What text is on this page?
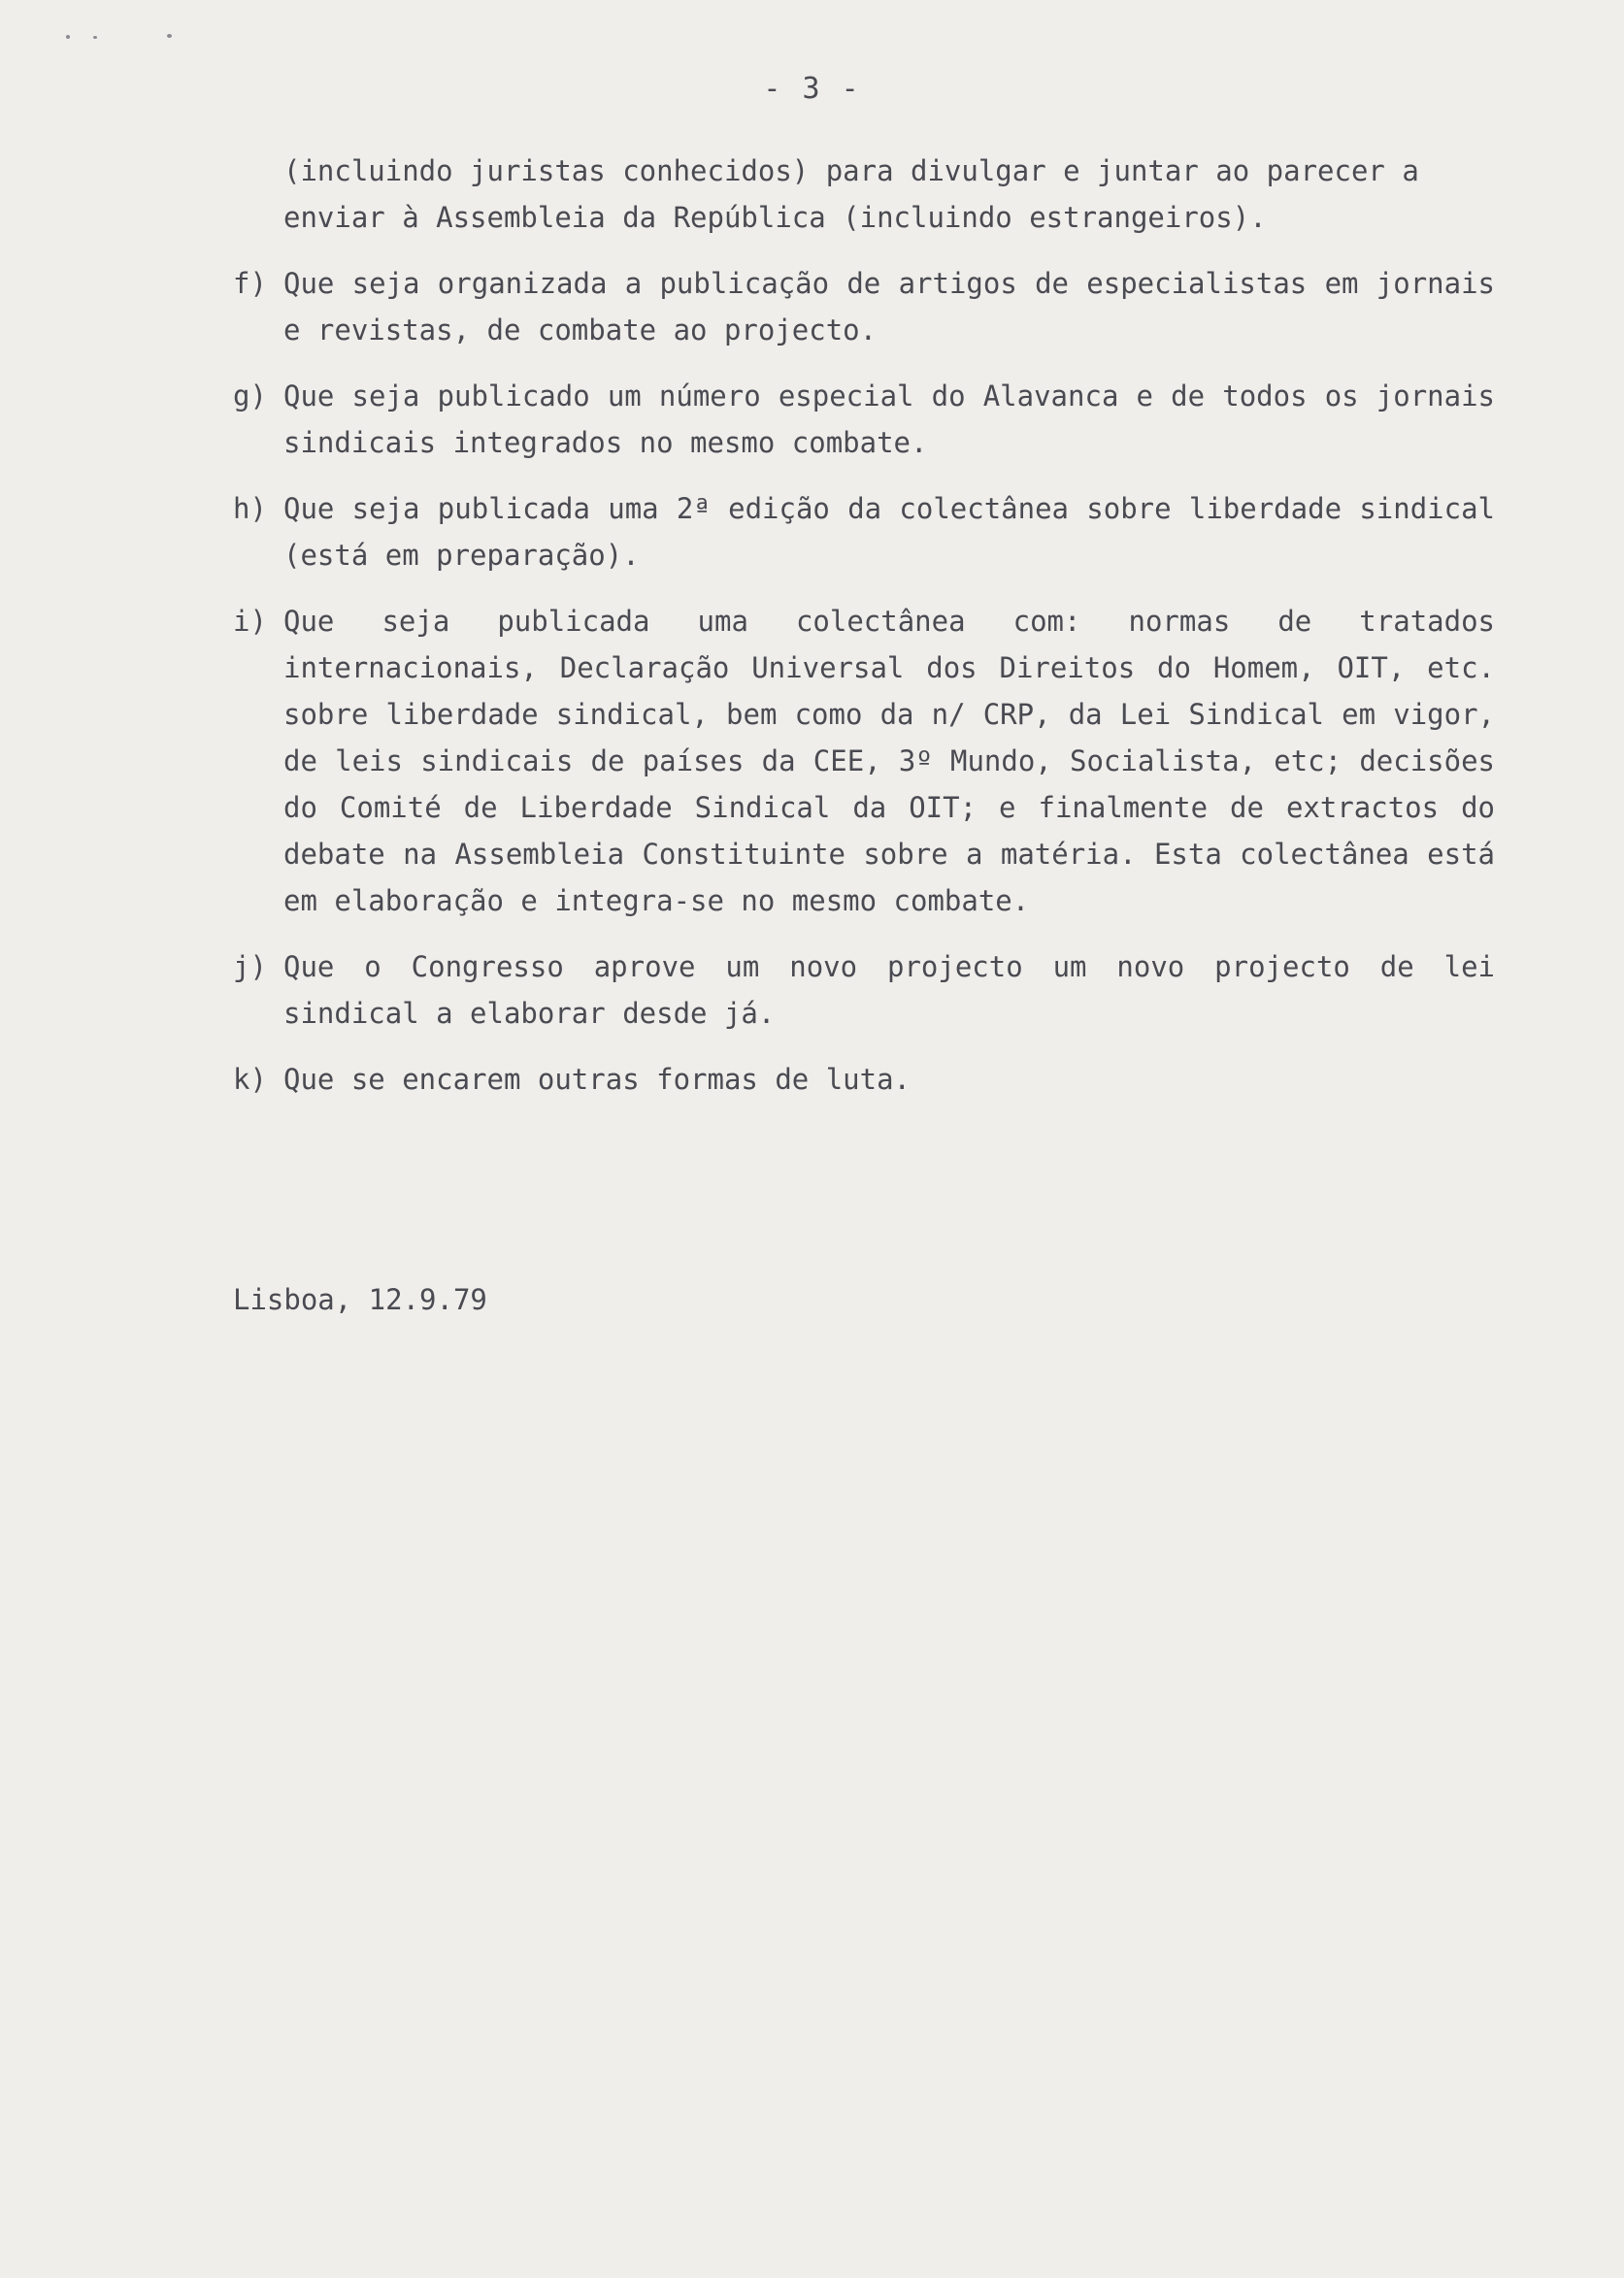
- 3 -

(incluindo juristas conhecidos) para divulgar e juntar ao parecer a enviar à Assembleia da República (incluindo estrangeiros).

f) Que seja organizada a publicação de artigos de especialistas em jornais e revistas, de combate ao projecto.
g) Que seja publicado um número especial do Alavanca e de todos os jornais sindicais integrados no mesmo combate.
h) Que seja publicada uma 2ª edição da colectânea sobre liberdade sindical (está em preparação).
i) Que seja publicada uma colectânea com: normas de tratados internacionais, Declaração Universal dos Direitos do Homem, OIT, etc. sobre liberdade sindical, bem como da n/ CRP, da Lei Sindical em vigor, de leis sindicais de países da CEE, 3º Mundo, Socialista, etc; decisões do Comité de Liberdade Sindical da OIT; e finalmente de extractos do debate na Assembleia Constituinte sobre a matéria. Esta colectânea está em elaboração e integra-se no mesmo combate.
j) Que o Congresso aprove um novo projecto um novo projecto de lei sindical a elaborar desde já.
k) Que se encarem outras formas de luta.
Lisboa, 12.9.79
